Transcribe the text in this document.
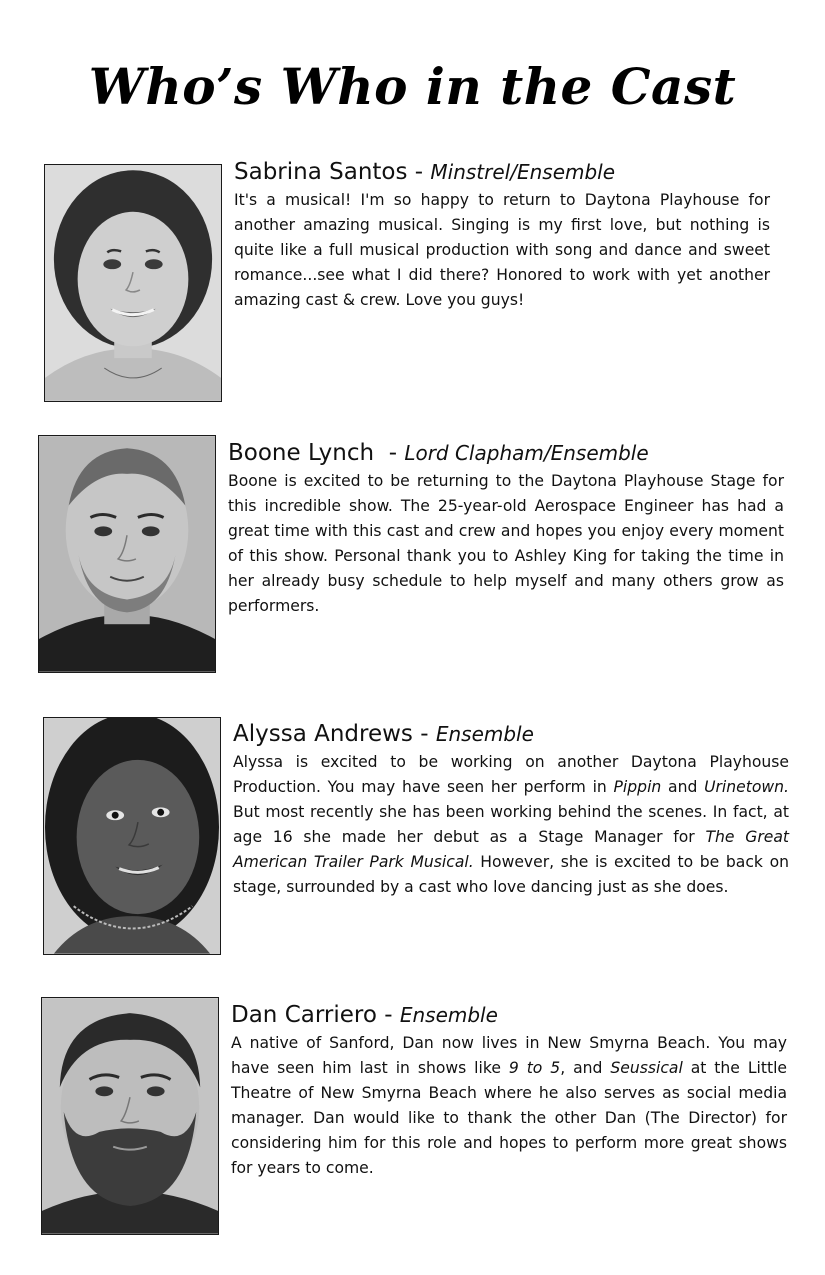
Who’s Who in the Cast
Sabrina Santos - Minstrel/Ensemble

It's a musical! I'm so happy to return to Daytona Playhouse for another amazing musical. Singing is my first love, but nothing is quite like a full musical production with song and dance and sweet romance...see what I did there? Honored to work with yet another amazing cast & crew. Love you guys!

Boone Lynch  - Lord Clapham/Ensemble

Boone is excited to be returning to the Daytona Playhouse Stage for this incredible show. The 25-year-old Aerospace Engineer has had a great time with this cast and crew and hopes you enjoy every moment of this show. Personal thank you to Ashley King for taking the time in her already busy schedule to help myself and many others grow as performers.

Alyssa Andrews - Ensemble

Alyssa is excited to be working on another Daytona Playhouse Production. You may have seen her perform in Pippin and Urinetown. But most recently she has been working behind the scenes. In fact, at age 16 she made her debut as a Stage Manager for The Great American Trailer Park Musical. However, she is excited to be back on stage, surrounded by a cast who love dancing just as she does.

Dan Carriero - Ensemble

A native of Sanford, Dan now lives in New Smyrna Beach. You may have seen him last in shows like 9 to 5, and Seussical at the Little Theatre of New Smyrna Beach where he also serves as social media manager. Dan would like to thank the other Dan (The Director) for considering him for this role and hopes to perform more great shows for years to come.
